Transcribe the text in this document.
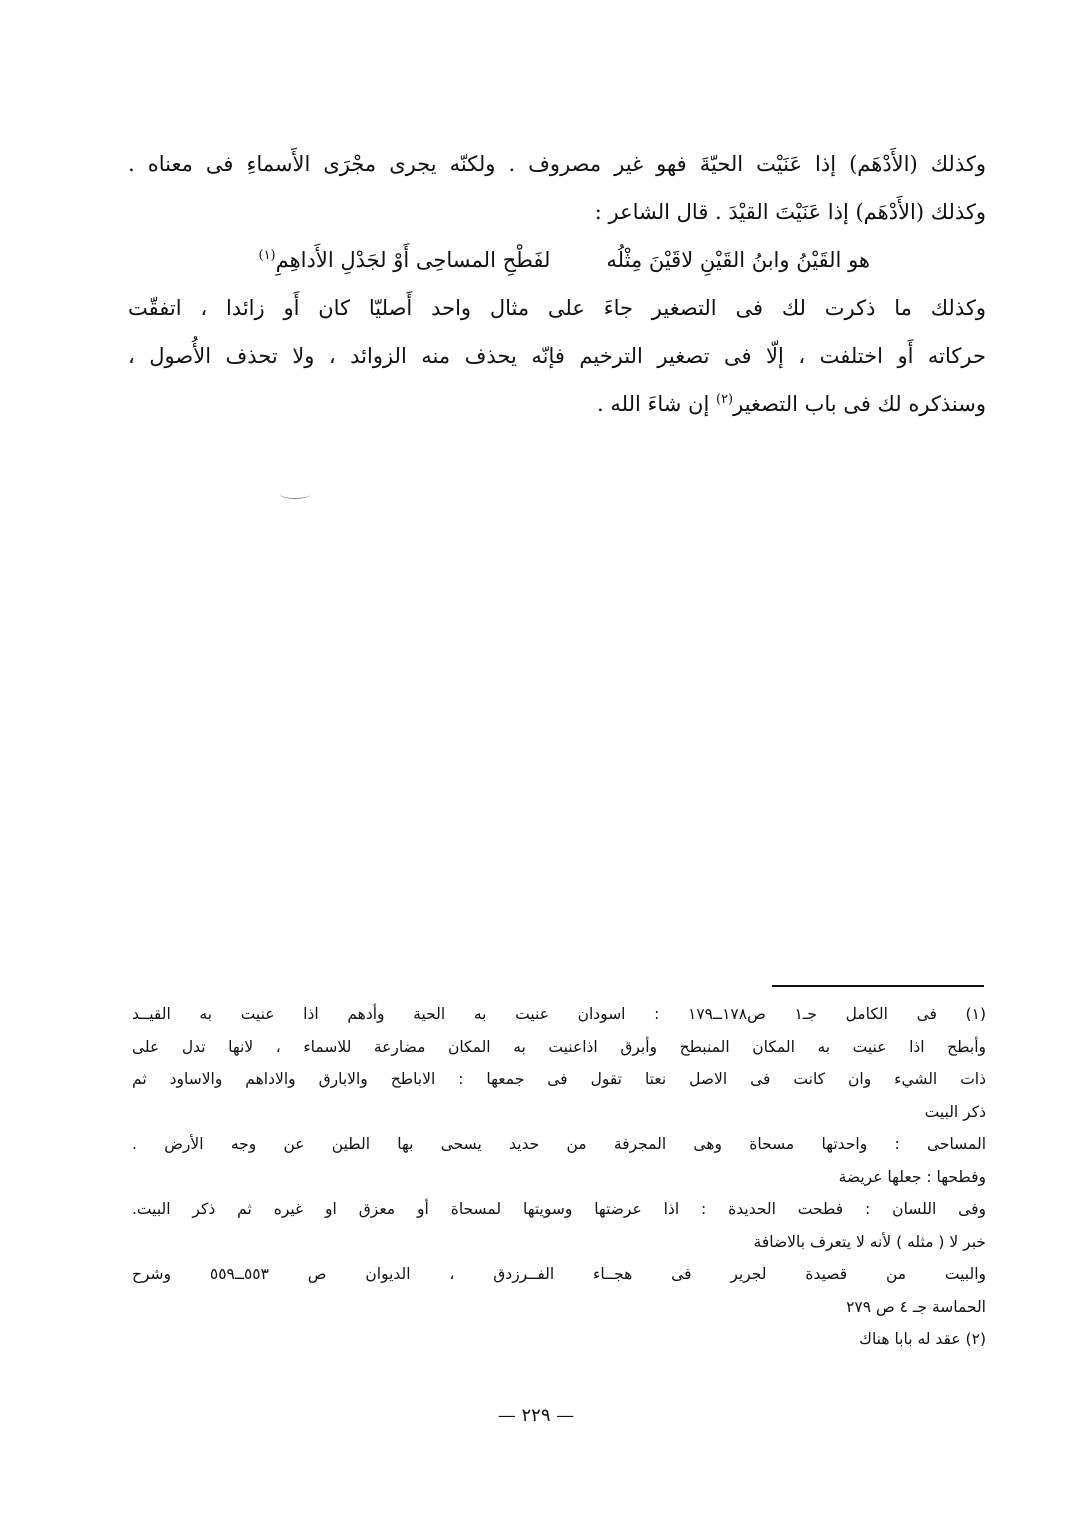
وكذلك (الأَدْهَم) إذا عَنَيْت الحيّةَ فهو غير مصروف . ولكنّه يجرى مجْرَى الأَسماءِ فى معناه .

وكذلك (الأَدْهَم) إذا عَنَيْتَ القيْدَ . قال الشاعر :

هو القَيْنُ وابنُ القَيْنِ لاقَيْنَ مِثْلُه
لفَطْحِ المساحِى أَوْ لجَدْلِ الأَداهِمِ$^{(١)}$

وكذلك ما ذكرت لك فى التصغير جاءَ على مثال واحد أَصليّا كان أَو زائدا ، اتفقّت

حركاته أَو اختلفت ، إلّا فى تصغير الترخيم فإنّه يحذف منه الزوائد ، ولا تحذف الأُصول ،

وسنذكره لك فى باب التصغير$^{(٢)}$ إن شاءَ الله .

(١) فى الكامل جـ١ ص١٧٨ــ١٧٩ : اسودان عنيت به الحية وأدهم اذا عنيت به القيــد

وأبطح اذا عنيت به المكان المنبطح وأبرق اذاعنيت به المكان مضارعة للاسماء ، لانها تدل على

ذات الشيء وان كانت فى الاصل نعتا تقول فى جمعها : الاباطح والابارق والاداهم والاساود ثم

ذكر البيت

المساحى : واحدتها مسحاة وهى المجرفة من حديد يسحى بها الطين عن وجه الأرض .

وفطحها : جعلها عريضة

وفى اللسان : فطحت الحديدة : اذا عرضتها وسويتها لمسحاة أو معزق او غيره ثم ذكر البيت.

خبر لا ( مثله ) لأنه لا يتعرف بالاضافة

والبيت من قصيدة لجرير فى هجــاء الفــرزدق ، الديوان ص ٥٥٣ــ٥٥٩ وشرح

الحماسة جـ ٤ ص ٢٧٩

(٢) عقد له بابا هناك

— ٢٢٩ —
